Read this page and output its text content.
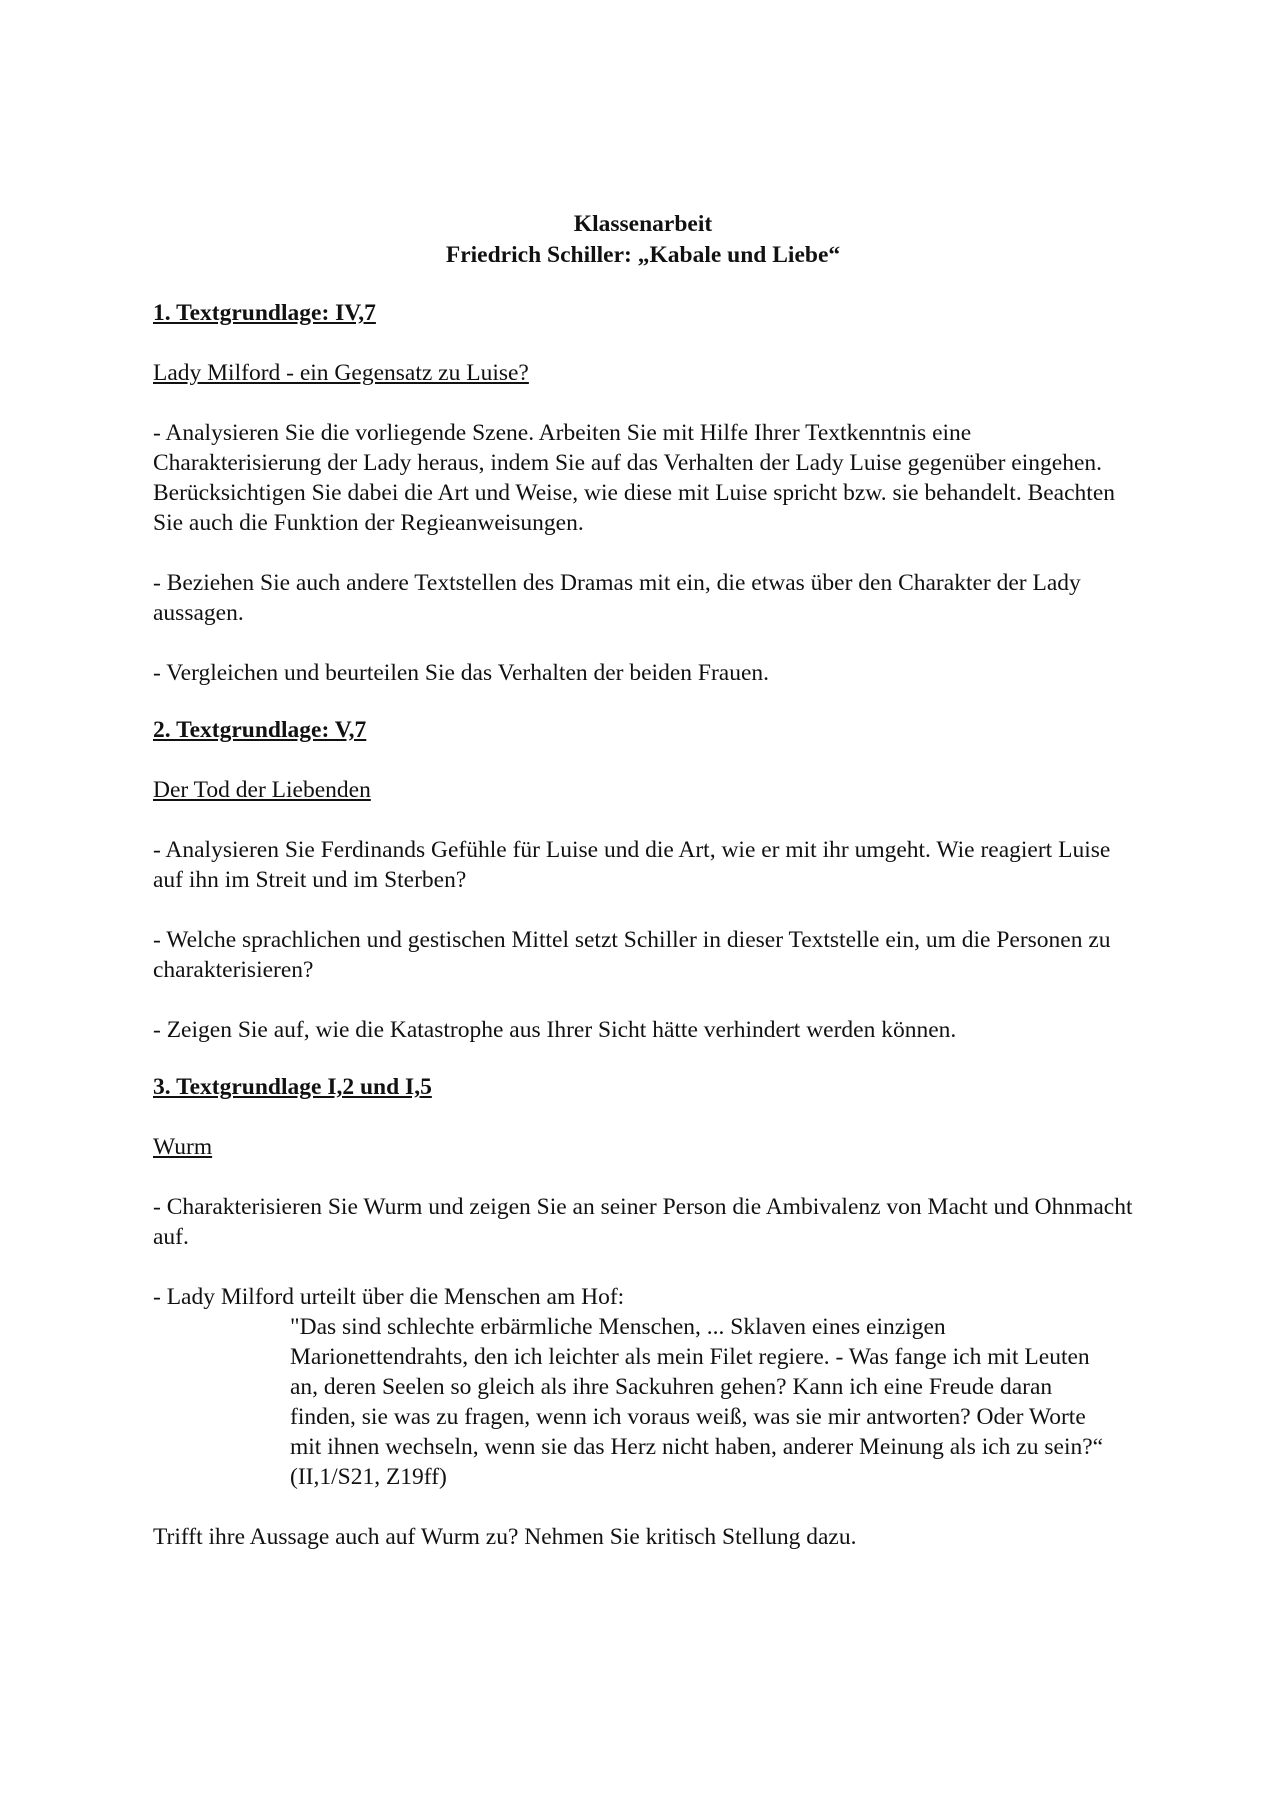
Klassenarbeit
Friedrich Schiller: „Kabale und Liebe“
1. Textgrundlage: IV,7
Lady Milford - ein Gegensatz zu Luise?

- Analysieren Sie die vorliegende Szene. Arbeiten Sie mit Hilfe Ihrer Textkenntnis eine Charakterisierung der Lady heraus, indem Sie auf das Verhalten der Lady Luise gegenüber eingehen. Berücksichtigen Sie dabei die Art und Weise, wie diese mit Luise spricht bzw. sie behandelt. Beachten Sie auch die Funktion der Regieanweisungen.

- Beziehen Sie auch andere Textstellen des Dramas mit ein, die etwas über den Charakter der Lady aussagen.

- Vergleichen und beurteilen Sie das Verhalten der beiden Frauen.

2. Textgrundlage: V,7
Der Tod der Liebenden

- Analysieren Sie Ferdinands Gefühle für Luise und die Art, wie er mit ihr umgeht. Wie reagiert Luise auf ihn im Streit und im Sterben?

- Welche sprachlichen und gestischen Mittel setzt Schiller in dieser Textstelle ein, um die Personen zu charakterisieren?

- Zeigen Sie auf, wie die Katastrophe aus Ihrer Sicht hätte verhindert werden können.

3. Textgrundlage I,2 und I,5
Wurm

- Charakterisieren Sie Wurm und zeigen Sie an seiner Person die Ambivalenz von Macht und Ohnmacht auf.

- Lady Milford urteilt über die Menschen am Hof:

"Das sind schlechte erbärmliche Menschen, ... Sklaven eines einzigen Marionettendrahts, den ich leichter als mein Filet regiere. - Was fange ich mit Leuten an, deren Seelen so gleich als ihre Sackuhren gehen? Kann ich eine Freude daran finden, sie was zu fragen, wenn ich voraus weiß, was sie mir antworten? Oder Worte mit ihnen wechseln, wenn sie das Herz nicht haben, anderer Meinung als ich zu sein?“ (II,1/S21, Z19ff)

Trifft ihre Aussage auch auf Wurm zu? Nehmen Sie kritisch Stellung dazu.
